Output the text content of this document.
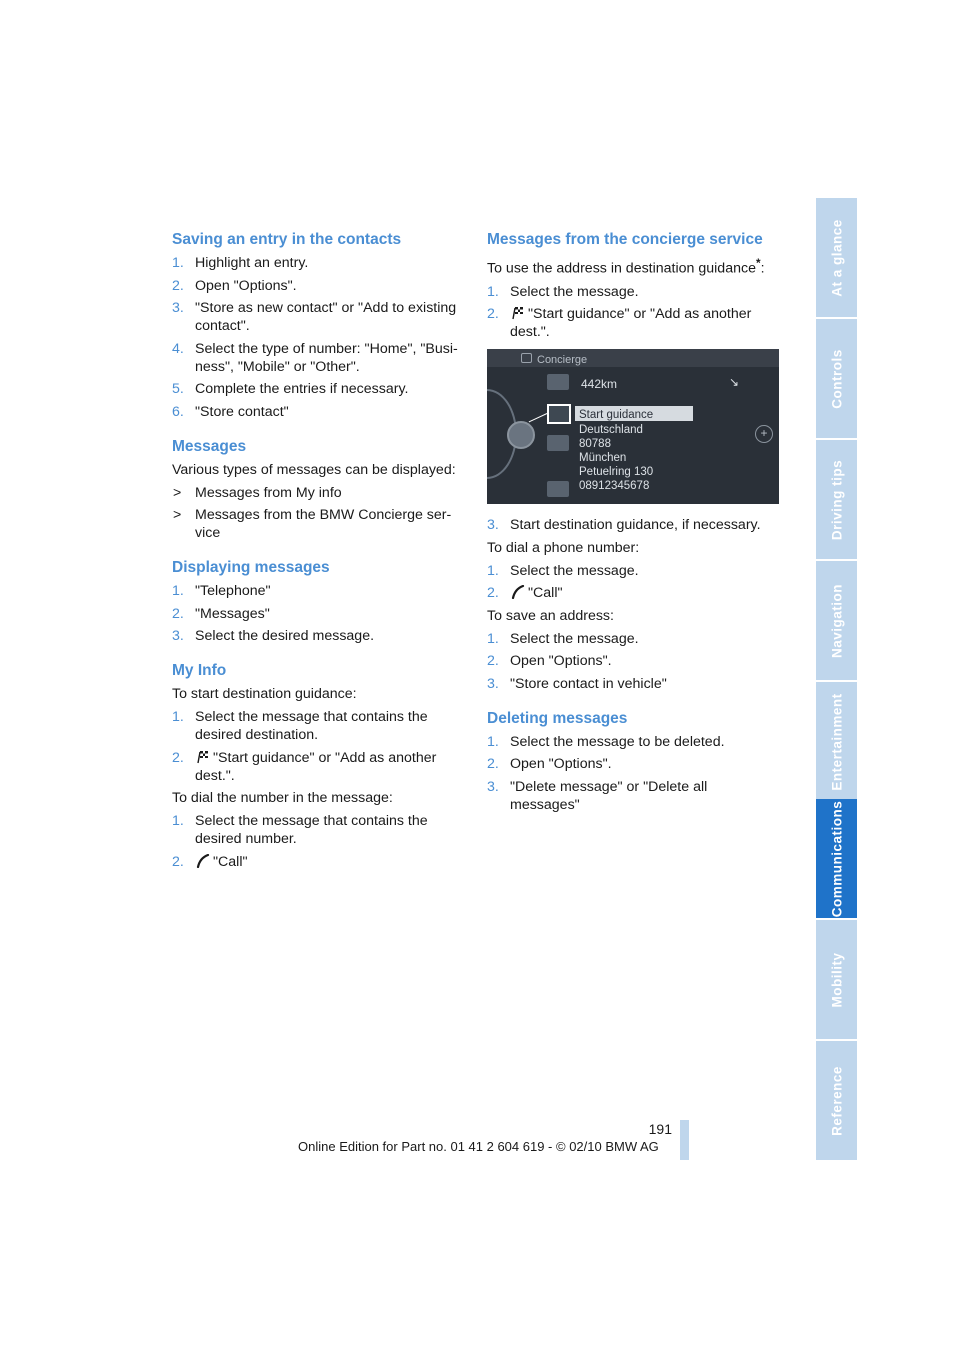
Saving an entry in the contacts
1. Highlight an entry.
2. Open "Options".
3. "Store as new contact" or "Add to existing contact".
4. Select the type of number: "Home", "Busi-ness", "Mobile" or "Other".
5. Complete the entries if necessary.
6. "Store contact"
Messages

Various types of messages can be displayed:

> Messages from My info
> Messages from the BMW Concierge ser-vice
Displaying messages
1. "Telephone"
2. "Messages"
3. Select the desired message.
My Info

To start destination guidance:

1. Select the message that contains the desired destination.
2. "Start guidance" or "Add as another dest.".

To dial the number in the message:

1. Select the message that contains the desired number.
2. "Call"
Messages from the concierge service

To use the address in destination guidance*:

1. Select the message.
2. "Start guidance" or "Add as another dest.".
Concierge
442km	↘
Start guidance
Deutschland
80788
München
Petuelring 130
08912345678
+
3. Start destination guidance, if necessary.

To dial a phone number:

1. Select the message.
2. "Call"

To save an address:

1. Select the message.
2. Open "Options".
3. "Store contact in vehicle"
Deleting messages
1. Select the message to be deleted.
2. Open "Options".
3. "Delete message" or "Delete all messages"
At a glance
Controls
Driving tips
Navigation
Entertainment
Communications
Mobility
Reference
191
Online Edition for Part no. 01 41 2 604 619 - © 02/10 BMW AG
